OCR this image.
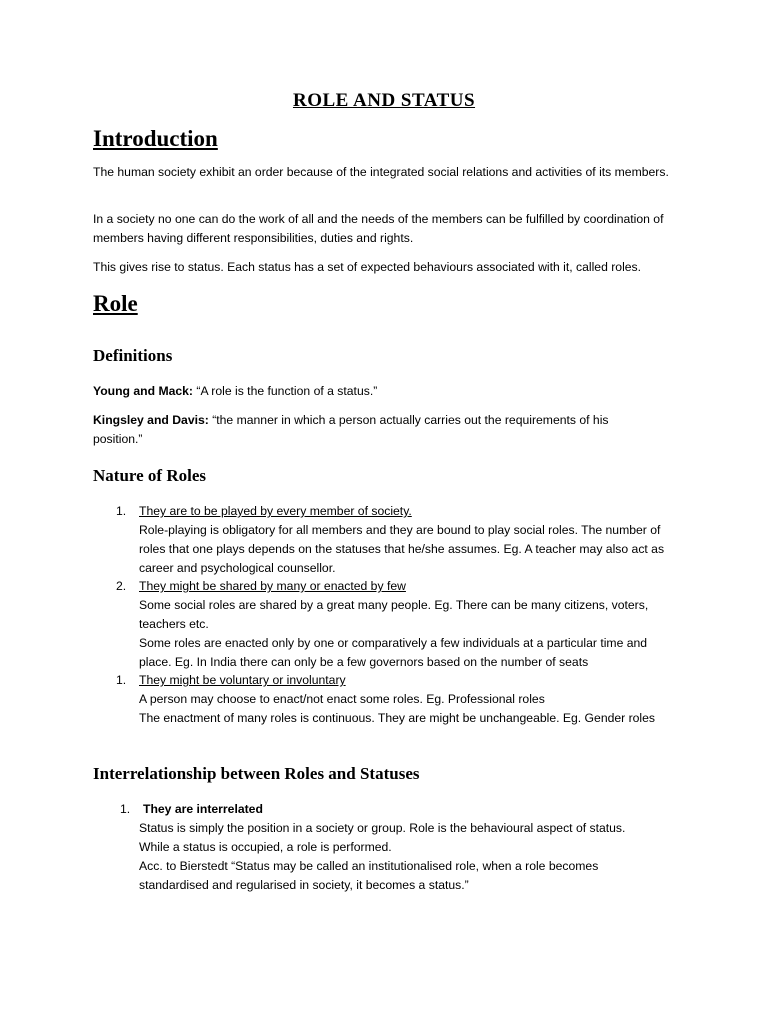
ROLE AND STATUS
Introduction
The human society exhibit an order because of the integrated social relations and activities of its members.
In a society no one can do the work of all and the needs of the members can be fulfilled by coordination of members having different responsibilities, duties and rights.
This gives rise to status. Each status has a set of expected behaviours associated with it, called roles.
Role
Definitions
Young and Mack: “A role is the function of a status.”
Kingsley and Davis: “the manner in which a person actually carries out the requirements of his position.”
Nature of Roles
1. They are to be played by every member of society.
Role-playing is obligatory for all members and they are bound to play social roles. The number of roles that one plays depends on the statuses that he/she assumes. Eg. A teacher may also act as career and psychological counsellor.
2. They might be shared by many or enacted by few
Some social roles are shared by a great many people. Eg. There can be many citizens, voters, teachers etc.
Some roles are enacted only by one or comparatively a few individuals at a particular time and place. Eg. In India there can only be a few governors based on the number of seats
1. They might be voluntary or involuntary
A person may choose to enact/not enact some roles. Eg. Professional roles
The enactment of many roles is continuous. They are might be unchangeable. Eg. Gender roles
Interrelationship between Roles and Statuses
1. They are interrelated
Status is simply the position in a society or group. Role is the behavioural aspect of status.
While a status is occupied, a role is performed.
Acc. to Bierstedt “Status may be called an institutionalised role, when a role becomes standardised and regularised in society, it becomes a status.”
